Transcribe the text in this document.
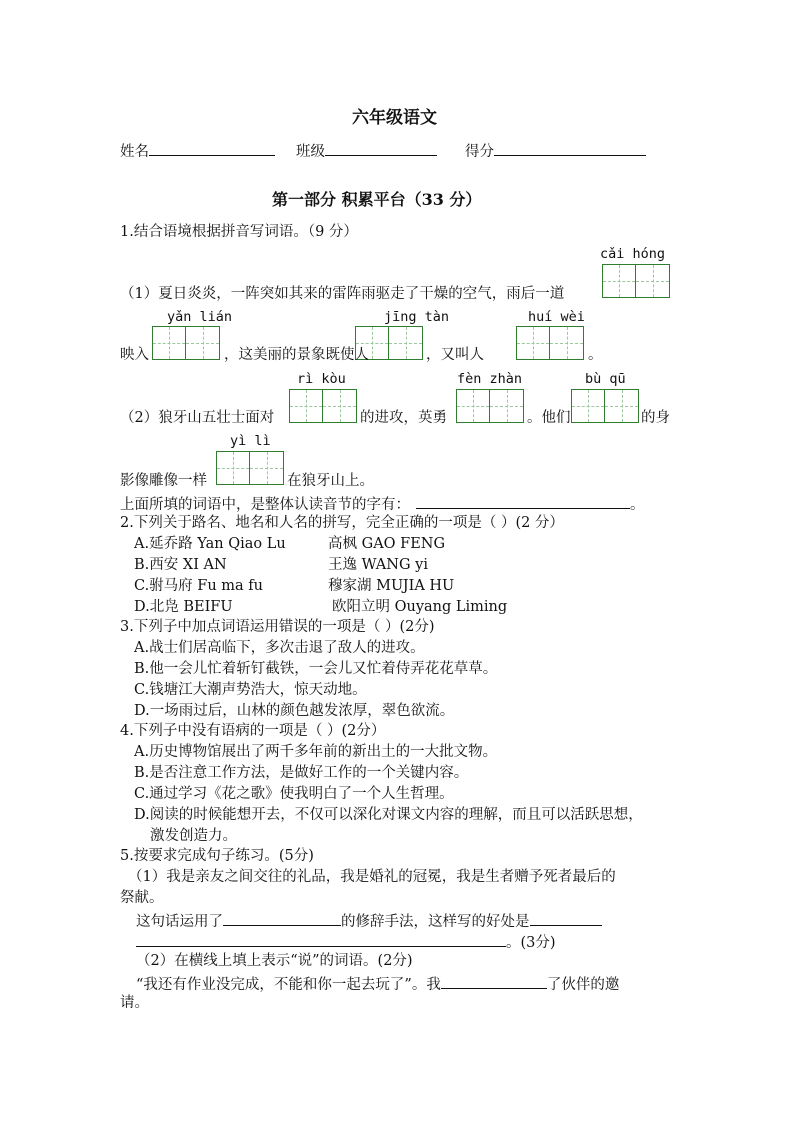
六年级语文
姓名	班级	得分
第一部分 积累平台（33 分）
1.结合语境根据拼音写词语。（9 分）
cǎi hóng
（1）夏日炎炎，一阵突如其来的雷阵雨驱走了干燥的空气，雨后一道
yǎn lián	jīng tàn	huí wèi
映入	，这美丽的景象既使人	，又叫人	。
rì kòu	fèn zhàn	bù qū
（2）狼牙山五壮士面对	的进攻，英勇	。他们	的身
yì lì
影像雕像一样	在狼牙山上。
上面所填的词语中，是整体认读音节的字有：	。
2.下列关于路名、地名和人名的拼写，完全正确的一项是（ ）(2 分）
A.延乔路 Yan Qiao Lu	高枫 GAO FENG
B.西安 XI AN	王逸 WANG yi
C.驸马府 Fu ma fu	穆家湖 MUJIA HU
D.北凫 BEIFU	欧阳立明 Ouyang Liming
3.下列子中加点词语运用错误的一项是（ ）(2分)
A.战士们居高临下，多次击退了敌人的进攻。
B.他一会儿忙着斩钉截铁，一会儿又忙着侍弄花花草草。
C.钱塘江大潮声势浩大，惊天动地。
D.一场雨过后，山林的颜色越发浓厚，翠色欲流。
4.下列子中没有语病的一项是（ ）(2分）
A.历史博物馆展出了两千多年前的新出土的一大批文物。
B.是否注意工作方法，是做好工作的一个关键内容。
C.通过学习《花之歌》使我明白了一个人生哲理。
D.阅读的时候能想开去，不仅可以深化对课文内容的理解，而且可以活跃思想，
激发创造力。
5.按要求完成句子练习。(5分)
（1）我是亲友之间交往的礼品，我是婚礼的冠冕，我是生者赠予死者最后的
祭献。
这句话运用了	的修辞手法，这样写的好处是
。(3分)
（2）在横线上填上表示“说”的词语。(2分)
“我还有作业没完成，不能和你一起去玩了”。我	了伙伴的邀
请。
